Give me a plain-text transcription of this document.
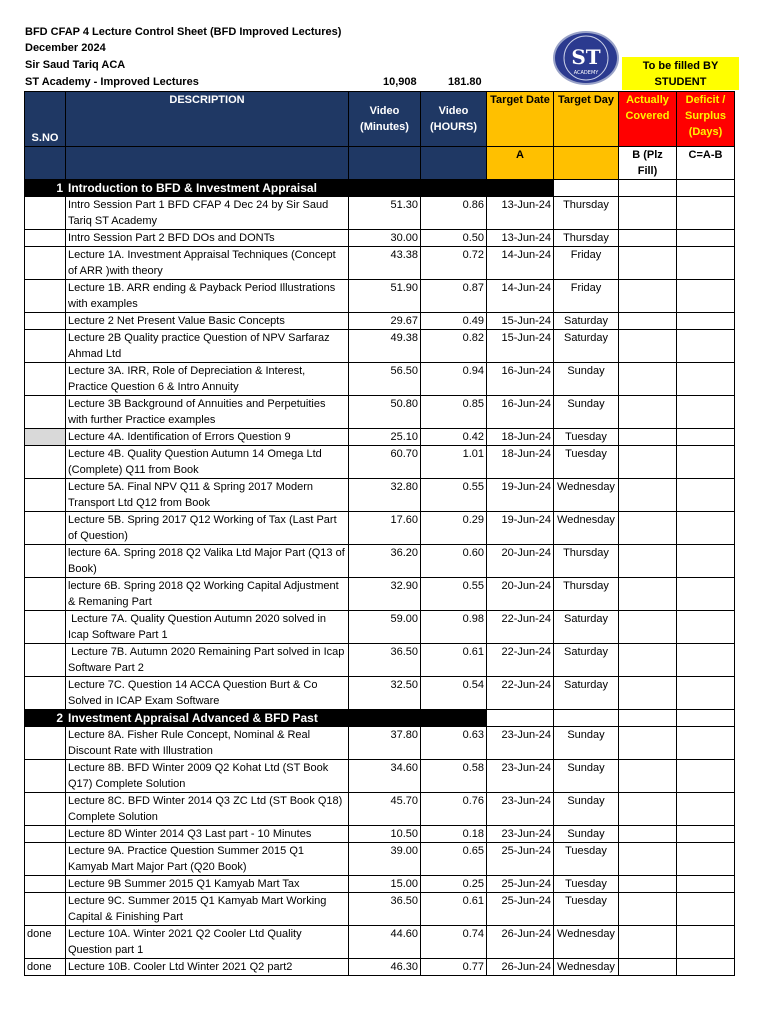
BFD CFAP 4 Lecture Control Sheet (BFD Improved Lectures)
December 2024
Sir Saud Tariq ACA
ST Academy - Improved Lectures	10,908	181.80
ST
ACADEMY
To be filled BY STUDENT
S.NO	DESCRIPTION	Video (Minutes)	Video (HOURS)	Target Date	Target Day	Actually Covered	Deficit / Surplus (Days)
				A		B (Plz Fill)	C=A-B
1	Introduction to BFD & Investment Appraisal						
	Intro Session Part 1 BFD CFAP 4 Dec 24 by Sir Saud Tariq ST Academy	51.30	0.86	13-Jun-24	Thursday		
	Intro Session Part 2 BFD DOs and DONTs	30.00	0.50	13-Jun-24	Thursday		
	Lecture 1A. Investment Appraisal Techniques (Concept of ARR )with theory	43.38	0.72	14-Jun-24	Friday		
	Lecture 1B. ARR ending & Payback Period Illustrations with examples	51.90	0.87	14-Jun-24	Friday		
	Lecture 2 Net Present Value Basic Concepts	29.67	0.49	15-Jun-24	Saturday		
	Lecture 2B Quality practice Question of NPV Sarfaraz Ahmad Ltd	49.38	0.82	15-Jun-24	Saturday		
	Lecture 3A. IRR, Role of Depreciation & Interest, Practice Question 6 & Intro Annuity	56.50	0.94	16-Jun-24	Sunday		
	Lecture 3B Background of Annuities and Perpetuities with further Practice examples	50.80	0.85	16-Jun-24	Sunday		
	Lecture 4A. Identification of Errors Question 9	25.10	0.42	18-Jun-24	Tuesday		
	Lecture 4B. Quality Question Autumn 14 Omega Ltd (Complete) Q11 from Book	60.70	1.01	18-Jun-24	Tuesday		
	Lecture 5A. Final NPV Q11 & Spring 2017 Modern Transport Ltd Q12 from Book	32.80	0.55	19-Jun-24	Wednesday		
	Lecture 5B. Spring 2017 Q12 Working of Tax (Last Part of Question)	17.60	0.29	19-Jun-24	Wednesday		
	lecture 6A. Spring 2018 Q2 Valika Ltd Major Part (Q13 of Book)	36.20	0.60	20-Jun-24	Thursday		
	lecture 6B. Spring 2018 Q2 Working Capital Adjustment & Remaning Part	32.90	0.55	20-Jun-24	Thursday		
	Lecture 7A. Quality Question Autumn 2020 solved in Icap Software Part 1	59.00	0.98	22-Jun-24	Saturday		
	Lecture 7B. Autumn 2020 Remaining Part solved in Icap Software Part 2	36.50	0.61	22-Jun-24	Saturday		
	Lecture 7C. Question 14 ACCA Question Burt & Co Solved in ICAP Exam Software	32.50	0.54	22-Jun-24	Saturday		
2	Investment Appraisal Advanced & BFD Past						
	Lecture 8A. Fisher Rule Concept, Nominal & Real Discount Rate with Illustration	37.80	0.63	23-Jun-24	Sunday		
	Lecture 8B. BFD Winter 2009 Q2 Kohat Ltd (ST Book Q17) Complete Solution	34.60	0.58	23-Jun-24	Sunday		
	Lecture 8C. BFD Winter 2014 Q3 ZC Ltd (ST Book Q18) Complete Solution	45.70	0.76	23-Jun-24	Sunday		
	Lecture 8D Winter 2014 Q3 Last part - 10 Minutes	10.50	0.18	23-Jun-24	Sunday		
	Lecture 9A. Practice Question Summer 2015 Q1 Kamyab Mart Major Part (Q20 Book)	39.00	0.65	25-Jun-24	Tuesday		
	Lecture 9B Summer 2015 Q1 Kamyab Mart Tax	15.00	0.25	25-Jun-24	Tuesday		
	Lecture 9C. Summer 2015 Q1 Kamyab Mart Working Capital & Finishing Part	36.50	0.61	25-Jun-24	Tuesday		
done	Lecture 10A. Winter 2021 Q2 Cooler Ltd Quality Question part 1	44.60	0.74	26-Jun-24	Wednesday		
done	Lecture 10B. Cooler Ltd Winter 2021 Q2 part2	46.30	0.77	26-Jun-24	Wednesday		
